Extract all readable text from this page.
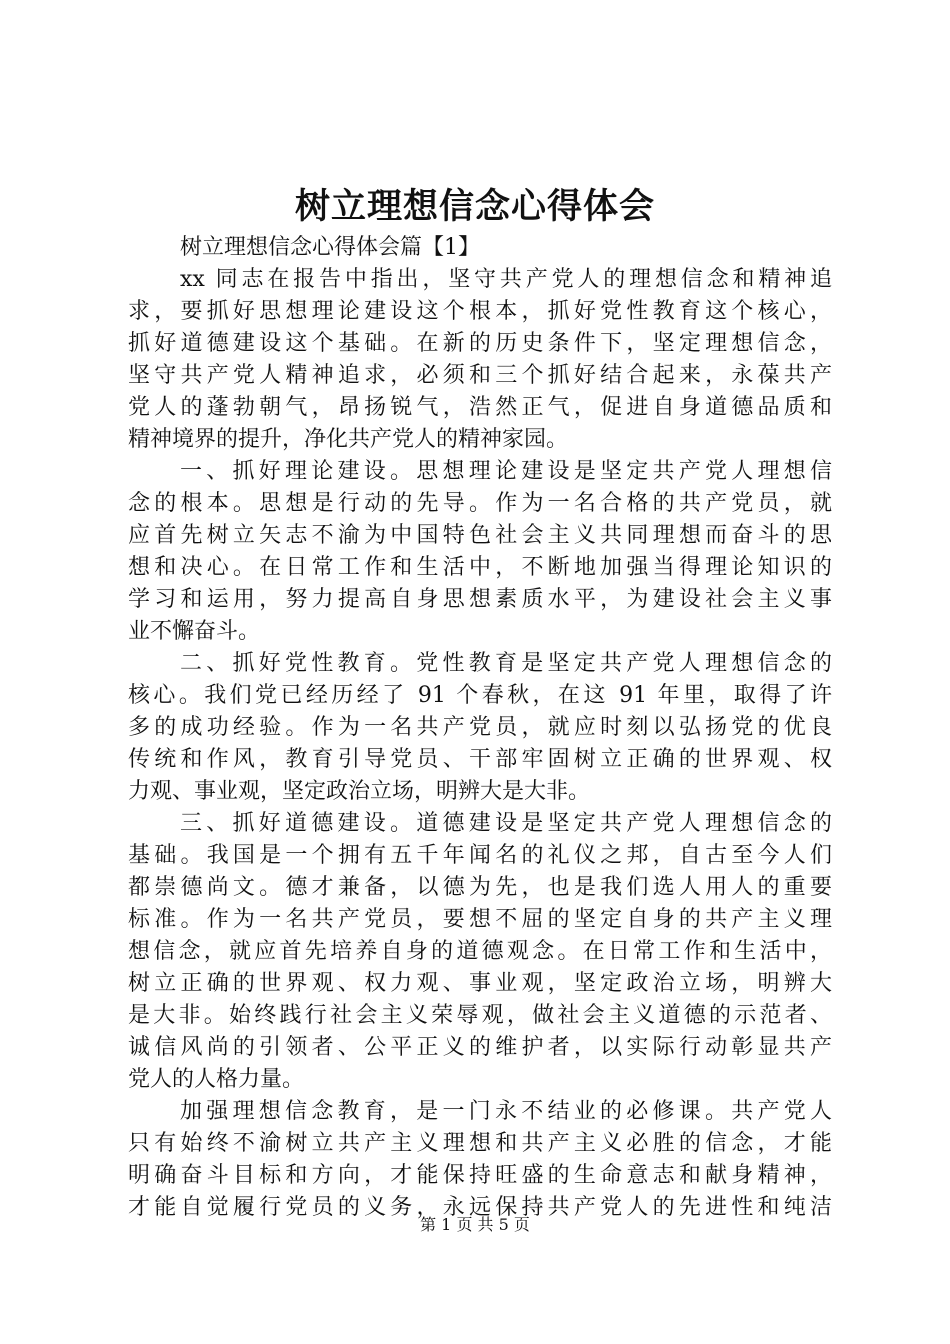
树立理想信念心得体会
树立理想信念心得体会篇【1】
xx 同志在报告中指出，坚守共产党人的理想信念和精神追
求，要抓好思想理论建设这个根本，抓好党性教育这个核心，
抓好道德建设这个基础。在新的历史条件下，坚定理想信念，
坚守共产党人精神追求，必须和三个抓好结合起来，永葆共产
党人的蓬勃朝气，昂扬锐气，浩然正气，促进自身道德品质和
精神境界的提升，净化共产党人的精神家园。
一、抓好理论建设。思想理论建设是坚定共产党人理想信
念的根本。思想是行动的先导。作为一名合格的共产党员，就
应首先树立矢志不渝为中国特色社会主义共同理想而奋斗的思
想和决心。在日常工作和生活中，不断地加强当得理论知识的
学习和运用，努力提高自身思想素质水平，为建设社会主义事
业不懈奋斗。
二、抓好党性教育。党性教育是坚定共产党人理想信念的
核心。我们党已经历经了 91 个春秋，在这 91 年里，取得了许
多的成功经验。作为一名共产党员，就应时刻以弘扬党的优良
传统和作风，教育引导党员、干部牢固树立正确的世界观、权
力观、事业观，坚定政治立场，明辨大是大非。
三、抓好道德建设。道德建设是坚定共产党人理想信念的
基础。我国是一个拥有五千年闻名的礼仪之邦，自古至今人们
都崇德尚文。德才兼备，以德为先，也是我们选人用人的重要
标准。作为一名共产党员，要想不屈的坚定自身的共产主义理
想信念，就应首先培养自身的道德观念。在日常工作和生活中，
树立正确的世界观、权力观、事业观，坚定政治立场，明辨大
是大非。始终践行社会主义荣辱观，做社会主义道德的示范者、
诚信风尚的引领者、公平正义的维护者，以实际行动彰显共产
党人的人格力量。
加强理想信念教育，是一门永不结业的必修课。共产党人
只有始终不渝树立共产主义理想和共产主义必胜的信念，才能
明确奋斗目标和方向，才能保持旺盛的生命意志和献身精神，
才能自觉履行党员的义务，永远保持共产党人的先进性和纯洁
第 1 页 共 5 页
